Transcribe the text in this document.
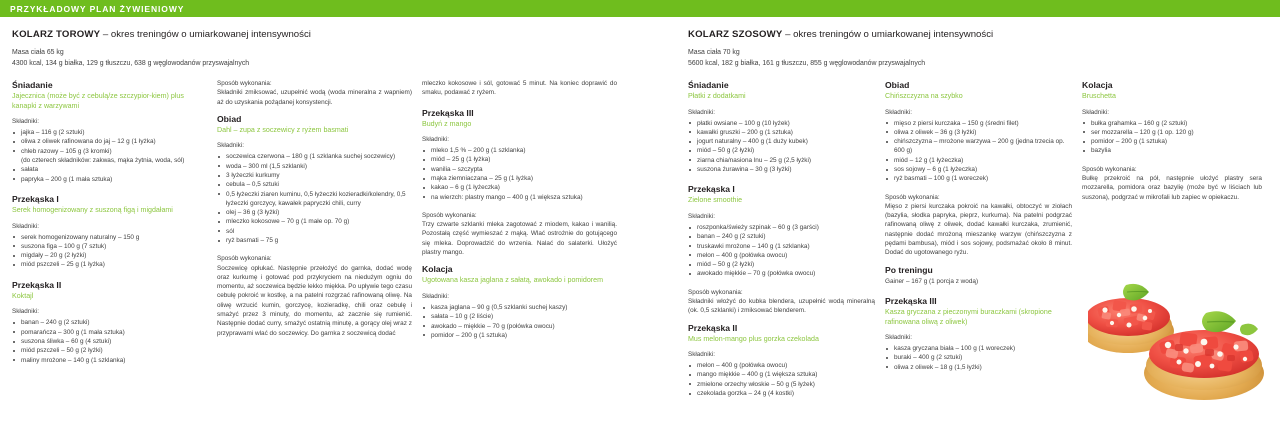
PRZYKŁADOWY PLAN ŻYWIENIOWY
KOLARZ TOROWY – okres treningów o umiarkowanej intensywności
Masa ciała 65 kg
4300 kcal, 134 g białka, 129 g tłuszczu, 638 g węglowodanów przyswajalnych
Śniadanie
Jajecznica (może być z cebulą/ze szczypior-kiem) plus kanapki z warzywami
Składniki:
jajka – 116 g (2 sztuki)
oliwa z oliwek rafinowana do jaj – 12 g (1 łyżka)
chleb razowy – 105 g (3 kromki)
(do czterech składników: zakwas, mąka żytnia, woda, sól)
sałata
papryka – 200 g (1 mała sztuka)
Przekąska I
Serek homogenizowany z suszoną figą i migdałami
Składniki:
serek homogenizowany naturalny – 150 g
suszona figa – 100 g (7 sztuk)
migdały – 20 g (2 łyżki)
miód pszczeli – 25 g (1 łyżka)
Przekąska II
Koktajl
Składniki:
banan – 240 g (2 sztuki)
pomarańcza – 300 g (1 mała sztuka)
suszona śliwka – 60 g (4 sztuki)
miód pszczeli – 50 g (2 łyżki)
maliny mrożone – 140 g (1 szklanka)

Sposób wykonania:

Składniki zmiksować, uzupełnić wodą (woda mineralna z wapniem) aż do uzyskania pożądanej konsystencji.

Obiad
Dahl – zupa z soczewicy z ryżem basmati
Składniki:
soczewica czerwona – 180 g (1 szklanka suchej soczewicy)
woda – 300 ml (1,5 szklanki)
3 łyżeczki kurkumy
cebula – 0,5 sztuki
0,5 łyżeczki ziaren kuminu, 0,5 łyżeczki kozieradki/kolendry, 0,5 łyżeczki gorczycy, kawałek papryczki chili, curry
olej – 36 g (3 łyżki)
mleczko kokosowe – 70 g (1 małe op. 70 g)
sól
ryż basmati – 75 g

Sposób wykonania:

Soczewicę opłukać. Następnie przełożyć do garnka, dodać wodę oraz kurkumę i gotować pod przykryciem na niedużym ogniu do momentu, aż soczewica będzie lekko miękka. Po upływie tego czasu cebulę pokroić w kostkę, a na patelni rozgrzać rafinowaną oliwę. Na oliwę wrzucić kumin, gorczycę, kozieradkę, chili oraz cebulę i smażyć przez 3 minuty, do momentu, aż zacznie się rumienić. Następnie dodać curry, smażyć ostatnią minutę, a gorący olej wraz z przyprawami wlać do soczewicy. Do garnka z soczewicą dodać

mleczko kokosowe i sól, gotować 5 minut. Na koniec doprawić do smaku, podawać z ryżem.

Przekąska III
Budyń z mango
Składniki:
mleko 1,5 % – 200 g (1 szklanka)
miód – 25 g (1 łyżka)
wanilia – szczypta
mąka ziemniaczana – 25 g (1 łyżka)
kakao – 6 g (1 łyżeczka)
na wierzch: plastry mango – 400 g (1 większa sztuka)

Sposób wykonania:

Trzy czwarte szklanki mleka zagotować z miodem, kakao i wanilią. Pozostałą część wymieszać z mąką. Wlać ostrożnie do gotującego się mleka. Doprowadzić do wrzenia. Nalać do salaterki. Ułożyć plastry mango.

Kolacja
Ugotowana kasza jaglana z sałatą, awokado i pomidorem
Składniki:
kasza jaglana – 90 g (0,5 szklanki suchej kaszy)
sałata – 10 g (2 liście)
awokado – miękkie – 70 g (połówka owocu)
pomidor – 200 g (1 sztuka)
KOLARZ SZOSOWY – okres treningów o umiarkowanej intensywności
Masa ciała 70 kg
5600 kcal, 182 g białka, 161 g tłuszczu, 855 g węglowodanów przyswajalnych
Śniadanie
Płatki z dodatkami
Składniki:
płatki owsiane – 100 g (10 łyżek)
kawałki gruszki – 200 g (1 sztuka)
jogurt naturalny – 400 g (1 duży kubek)
miód – 50 g (2 łyżki)
ziarna chia/nasiona lnu – 25 g (2,5 łyżki)
suszona żurawina – 30 g (3 łyżki)
Przekąska I
Zielone smoothie
Składniki:
roszponka/świeży szpinak – 60 g (3 garści)
banan – 240 g (2 sztuki)
truskawki mrożone – 140 g (1 szklanka)
melon – 400 g (połówka owocu)
miód – 50 g (2 łyżki)
awokado miękkie – 70 g (połówka owocu)

Sposób wykonania:

Składniki włożyć do kubka blendera, uzupełnić wodą mineralną (ok. 0,5 szklanki) i zmiksować blenderem.

Przekąska II
Mus melon-mango plus gorzka czekolada
Składniki:
melon – 400 g (połówka owocu)
mango miękkie – 400 g (1 większa sztuka)
zmielone orzechy włoskie – 50 g (5 łyżek)
czekolada gorzka – 24 g (4 kostki)
Obiad
Chińszczyzna na szybko
Składniki:
mięso z piersi kurczaka – 150 g (średni filet)
oliwa z oliwek – 36 g (3 łyżki)
chińszczyzna – mrożone warzywa – 200 g (jedna trzecia op. 600 g)
miód – 12 g (1 łyżeczka)
sos sojowy – 6 g (1 łyżeczka)
ryż basmati – 100 g (1 woreczek)

Sposób wykonania:

Mięso z piersi kurczaka pokroić na kawałki, obtoczyć w ziołach (bazylia, słodka papryka, pieprz, kurkuma). Na patelni podgrzać rafinowaną oliwę z oliwek, dodać kawałki kurczaka, zrumienić, następnie dodać mrożoną mieszankę warzyw (chińszczyzna z pędami bambusa), miód i sos sojowy, podsmażać około 8 minut. Dodać do ugotowanego ryżu.

Po treningu
Gainer – 167 g (1 porcja z wodą)
Przekąska III
Kasza gryczana z pieczonymi buraczkami (skropione rafinowana oliwą z oliwek)
Składniki:
kasza gryczana biała – 100 g (1 woreczek)
buraki – 400 g (2 sztuki)
oliwa z oliwek – 18 g (1,5 łyżki)
Kolacja
Bruschetta
Składniki:
bułka grahamka – 160 g (2 sztuki)
ser mozzarella – 120 g (1 op. 120 g)
pomidor – 200 g (1 sztuka)
bazylia

Sposób wykonania:

Bułkę przekroić na pół, następnie ułożyć plastry sera mozzarella, pomidora oraz bazylię (może być w liściach lub suszona), podgrzać w mikrofali lub zapiec w opiekaczu.
